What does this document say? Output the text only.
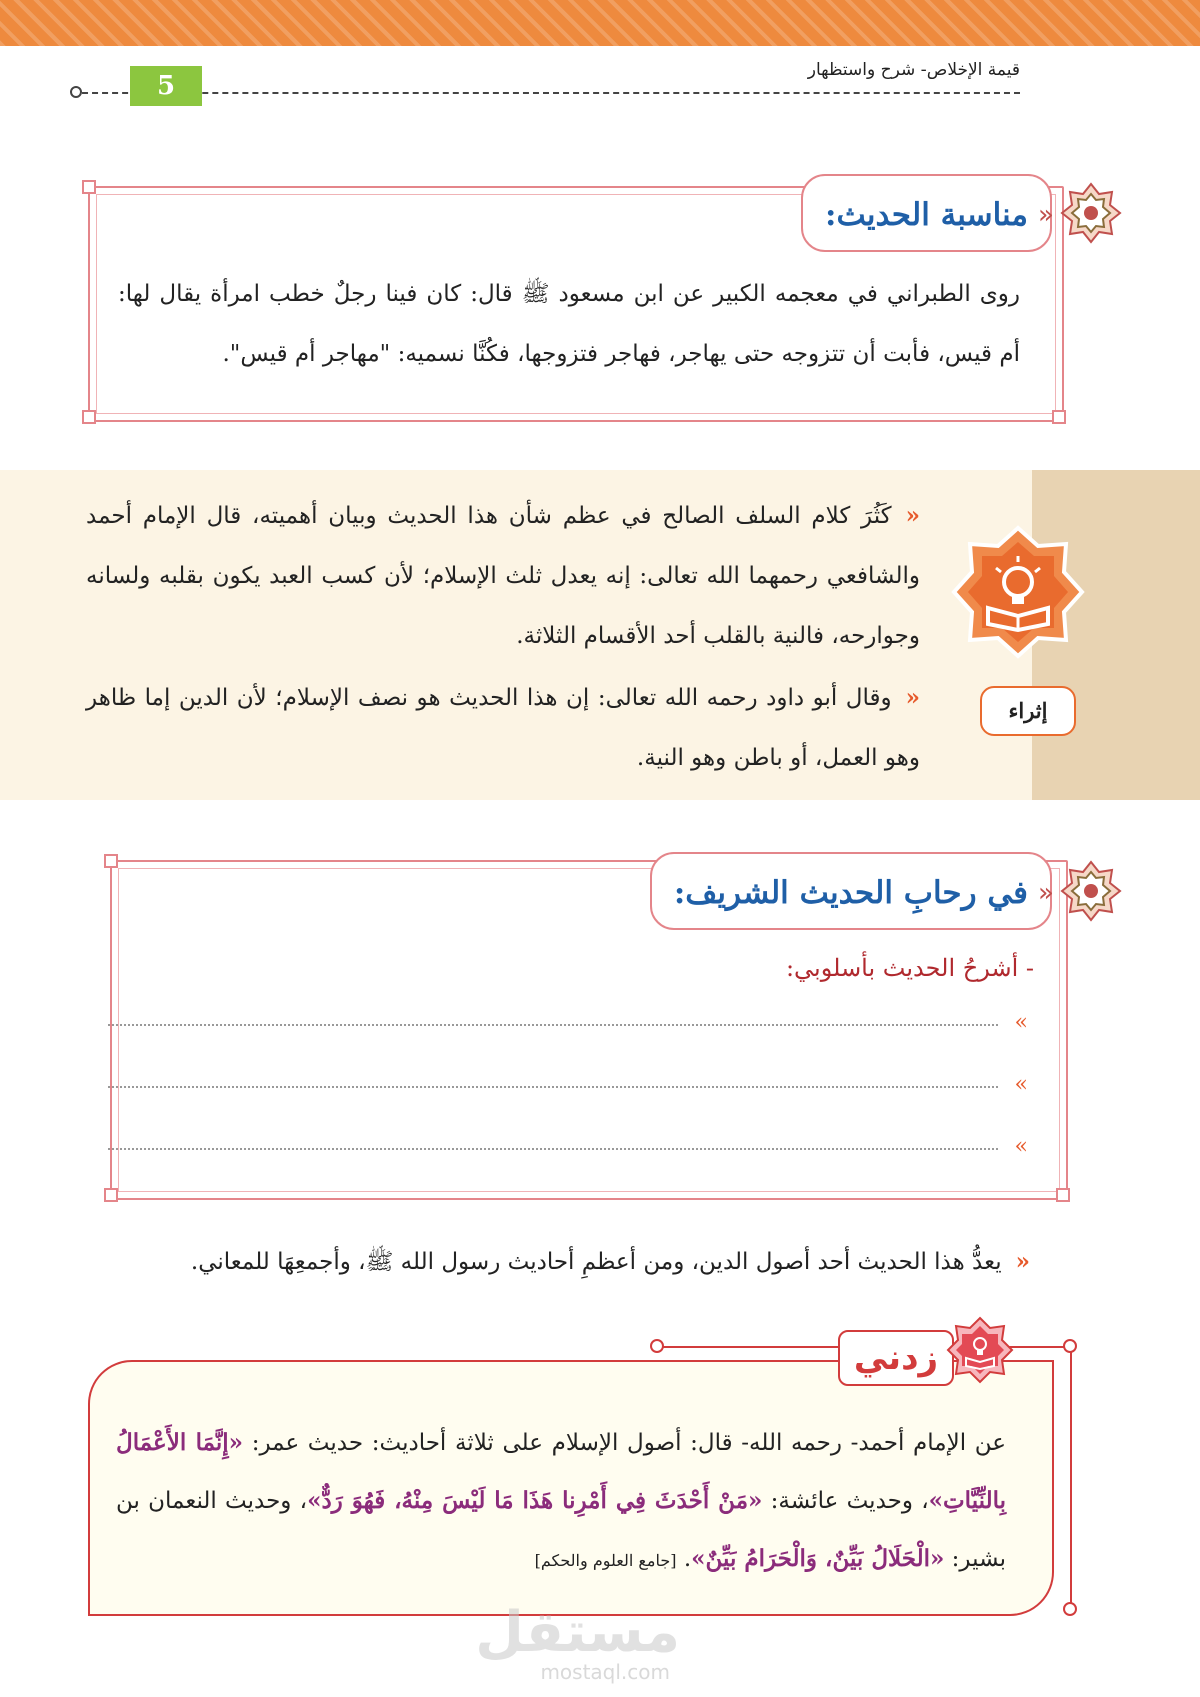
5
قيمة الإخلاص- شرح واستظهار
مناسبة الحديث: «
روى الطبراني في معجمه الكبير عن ابن مسعود ﷺ قال: كان فينا رجلٌ خطب امرأة يقال لها: أم قيس، فأبت أن تتزوجه حتى يهاجر، فهاجر فتزوجها، فكُنَّا نسميه: "مهاجر أم قيس".
إثراء
«كَثُرَ كلام السلف الصالح في عظم شأن هذا الحديث وبيان أهميته، قال الإمام أحمد والشافعي رحمهما الله تعالى: إنه يعدل ثلث الإسلام؛ لأن كسب العبد يكون بقلبه ولسانه وجوارحه، فالنية بالقلب أحد الأقسام الثلاثة.
«وقال أبو داود رحمه الله تعالى: إن هذا الحديث هو نصف الإسلام؛ لأن الدين إما ظاهر وهو العمل، أو باطن وهو النية.
في رحابِ الحديث الشريف: «
- أشرحُ الحديث بأسلوبي:
»
»
»
«يعدُّ هذا الحديث أحد أصول الدين، ومن أعظمِ أحاديث رسول الله ﷺ، وأجمعِهَا للمعاني.
زدني
عن الإمام أحمد- رحمه الله- قال: أصول الإسلام على ثلاثة أحاديث: حديث عمر: «إِنَّمَا الأَعْمَالُ بِالنِّيَّاتِ»، وحديث عائشة: «مَنْ أَحْدَثَ فِي أَمْرِنا هَذَا مَا لَيْسَ مِنْهُ، فَهُوَ رَدٌّ»، وحديث النعمان بن بشير: «الْحَلَالُ بَيِّنٌ، وَالْحَرَامُ بَيِّنٌ». [جامع العلوم والحكم]
مستقل
mostaql.com
